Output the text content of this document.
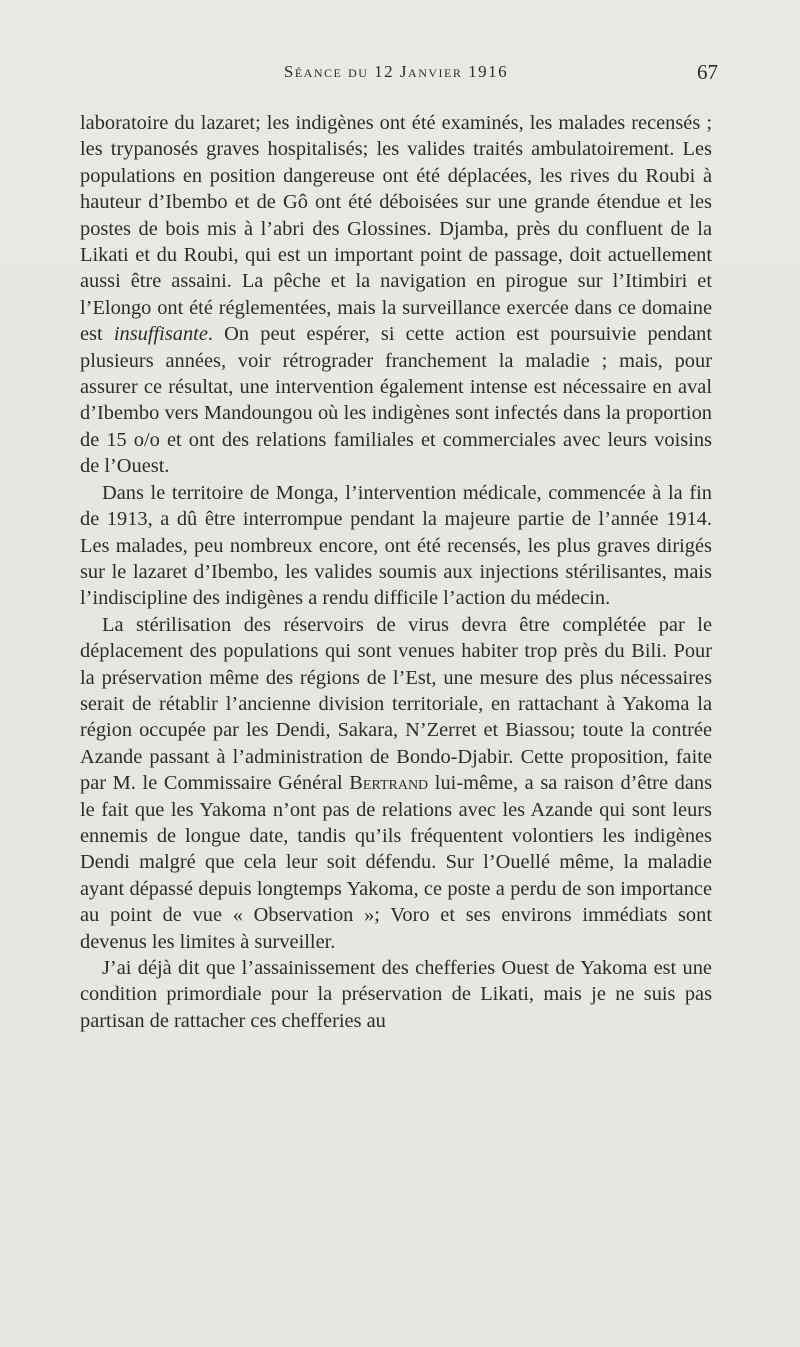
Séance du 12 Janvier 1916	67

laboratoire du lazaret; les indigènes ont été examinés, les malades recensés ; les trypanosés graves hospitalisés; les valides traités ambulatoirement. Les populations en position dangereuse ont été déplacées, les rives du Roubi à hauteur d’Ibembo et de Gô ont été déboisées sur une grande étendue et les postes de bois mis à l’abri des Glossines. Djamba, près du confluent de la Likati et du Roubi, qui est un important point de passage, doit actuellement aussi être assaini. La pêche et la navigation en pirogue sur l’Itimbiri et l’Elongo ont été réglementées, mais la surveillance exercée dans ce domaine est insuffisante. On peut espérer, si cette action est poursuivie pendant plusieurs années, voir rétrograder franchement la maladie ; mais, pour assurer ce résultat, une intervention également intense est nécessaire en aval d’Ibembo vers Mandoungou où les indigènes sont infectés dans la proportion de 15 o/o et ont des relations familiales et commerciales avec leurs voisins de l’Ouest.

Dans le territoire de Monga, l’intervention médicale, commencée à la fin de 1913, a dû être interrompue pendant la majeure partie de l’année 1914. Les malades, peu nombreux encore, ont été recensés, les plus graves dirigés sur le lazaret d’Ibembo, les valides soumis aux injections stérilisantes, mais l’indiscipline des indigènes a rendu difficile l’action du médecin.

La stérilisation des réservoirs de virus devra être complétée par le déplacement des populations qui sont venues habiter trop près du Bili. Pour la préservation même des régions de l’Est, une mesure des plus nécessaires serait de rétablir l’ancienne division territoriale, en rattachant à Yakoma la région occupée par les Dendi, Sakara, N’Zerret et Biassou; toute la contrée Azande passant à l’administration de Bondo-Djabir. Cette proposition, faite par M. le Commissaire Général Bertrand lui-même, a sa raison d’être dans le fait que les Yakoma n’ont pas de relations avec les Azande qui sont leurs ennemis de longue date, tandis qu’ils fréquentent volontiers les indigènes Dendi malgré que cela leur soit défendu. Sur l’Ouellé même, la maladie ayant dépassé depuis longtemps Yakoma, ce poste a perdu de son importance au point de vue « Observation »; Voro et ses environs immédiats sont devenus les limites à surveiller.

J’ai déjà dit que l’assainissement des chefferies Ouest de Yakoma est une condition primordiale pour la préservation de Likati, mais je ne suis pas partisan de rattacher ces chefferies au
